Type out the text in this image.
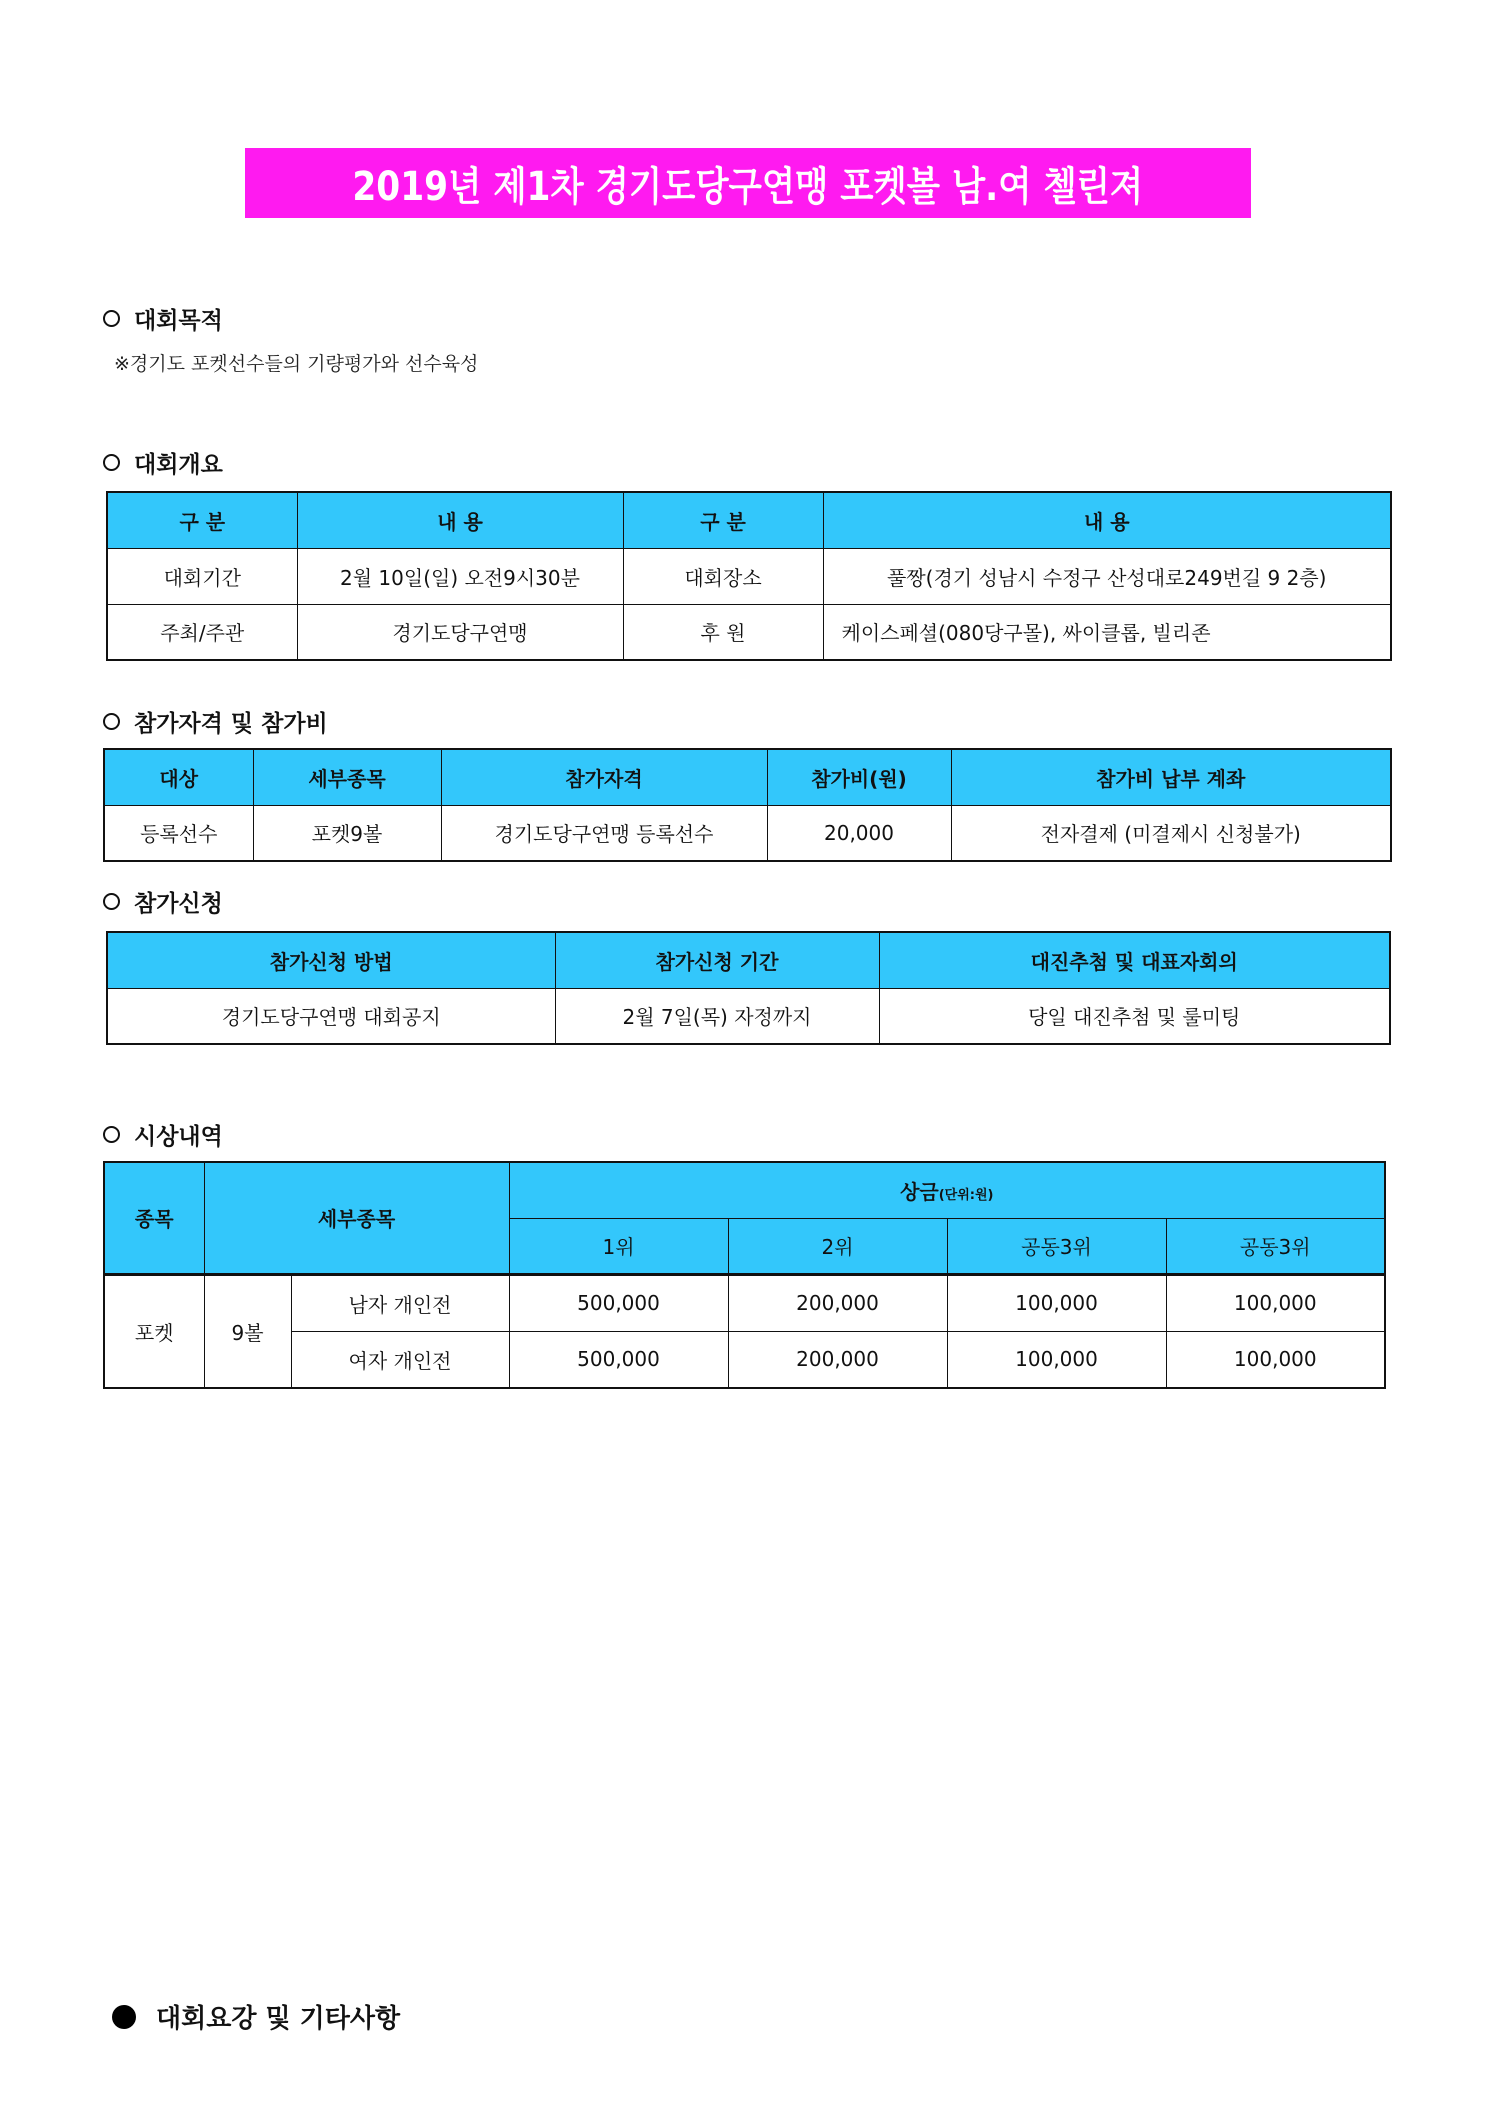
2019년 제1차 경기도당구연맹 포켓볼 남.여 첼린져
대회목적
※경기도 포켓선수들의 기량평가와 선수육성
대회개요
구 분	내 용	구 분	내 용
대회기간	2월 10일(일) 오전9시30분	대회장소	풀짱(경기 성남시 수정구 산성대로249번길 9 2층)
주최/주관	경기도당구연맹	후 원	케이스페셜(080당구몰), 싸이클롭, 빌리존
참가자격 및 참가비
대상	세부종목	참가자격	참가비(원)	참가비 납부 계좌
등록선수	포켓9볼	경기도당구연맹 등록선수	20,000	전자결제 (미결제시 신청불가)
참가신청
참가신청 방법	참가신청 기간	대진추첨 및 대표자회의
경기도당구연맹 대회공지	2월 7일(목) 자정까지	당일 대진추첨 및 룰미팅
시상내역
종목	세부종목		상금(단위:원)			
			1위	2위	공동3위	공동3위
포켓	9볼	남자 개인전	500,000	200,000	100,000	100,000
		여자 개인전	500,000	200,000	100,000	100,000
대회요강 및 기타사항
